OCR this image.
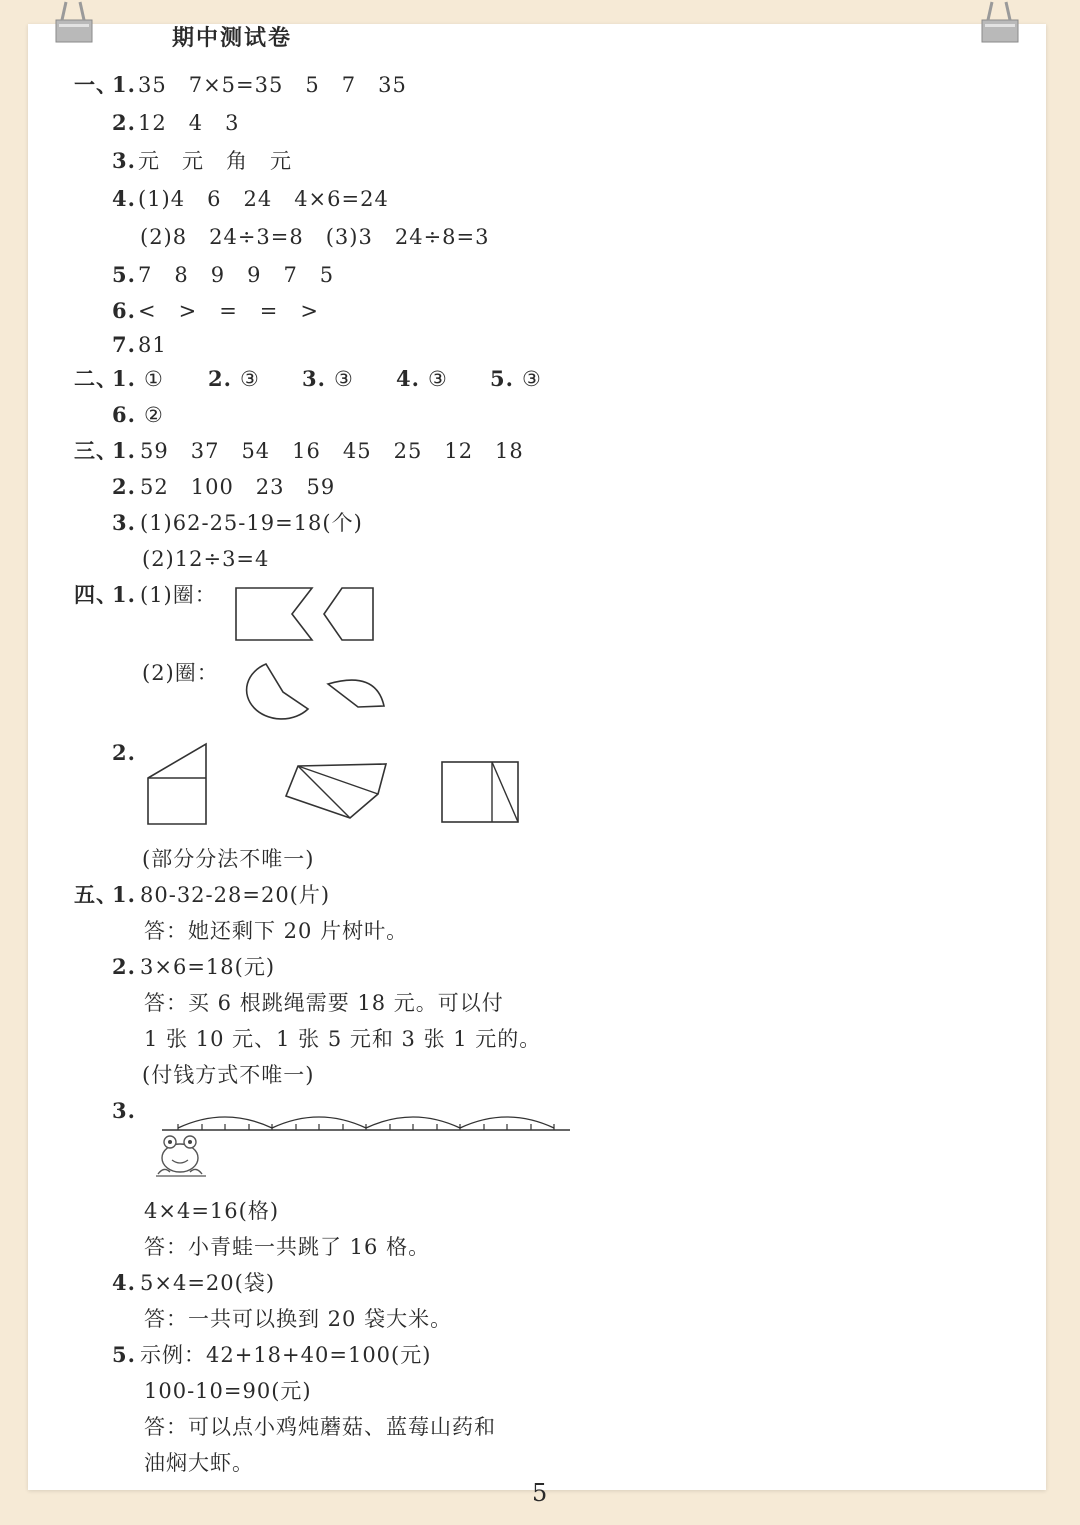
期中测试卷
一、
1. 35　7×5=35　5　7　35
2. 12　4　3
3. 元　元　角　元
4. (1)4　6　24　4×6=24
(2)8　24÷3=8　(3)3　24÷8=3
5. 7　8　9　9　7　5
6. <　>　=　=　>
7. 81
二、
1. ① 2. ③ 3. ③ 4. ③ 5. ③
6. ②
三、
1. 59　37　54　16　45　25　12　18
2. 52　100　23　59
3. (1)62-25-19=18(个)
(2)12÷3=4
四、
1. (1)圈：
(2)圈：
2.
(部分分法不唯一)
五、
1. 80-32-28=20(片)
答：她还剩下 20 片树叶。
2. 3×6=18(元)
答：买 6 根跳绳需要 18 元。可以付
1 张 10 元、1 张 5 元和 3 张 1 元的。
(付钱方式不唯一)
3.
4×4=16(格)
答：小青蛙一共跳了 16 格。
4. 5×4=20(袋)
答：一共可以换到 20 袋大米。
5. 示例：42+18+40=100(元)
100-10=90(元)
答：可以点小鸡炖蘑菇、蓝莓山药和
油焖大虾。
5
